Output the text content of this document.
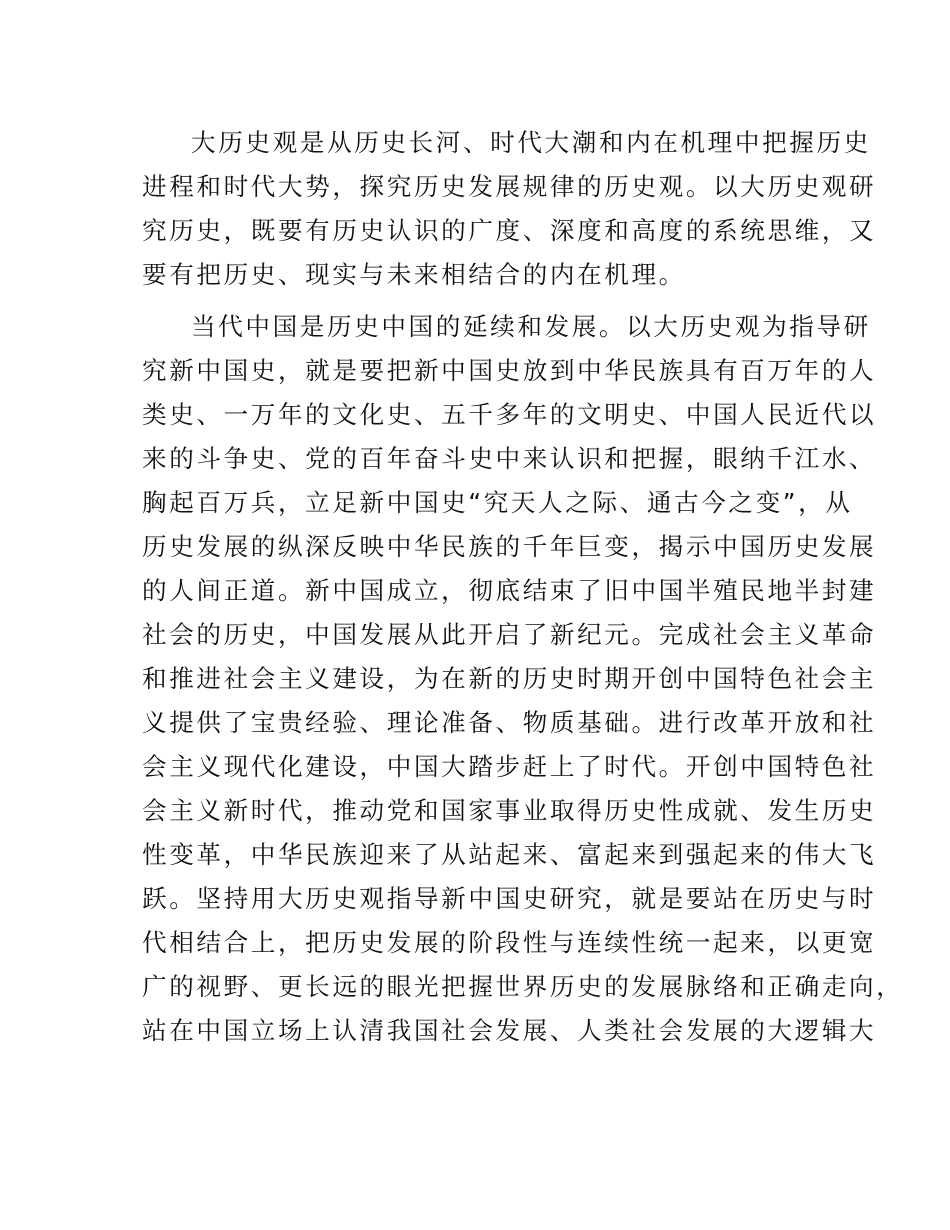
大历史观是从历史长河、时代大潮和内在机理中把握历史
进程和时代大势，探究历史发展规律的历史观。以大历史观研
究历史，既要有历史认识的广度、深度和高度的系统思维，又
要有把历史、现实与未来相结合的内在机理。

当代中国是历史中国的延续和发展。以大历史观为指导研
究新中国史，就是要把新中国史放到中华民族具有百万年的人
类史、一万年的文化史、五千多年的文明史、中国人民近代以
来的斗争史、党的百年奋斗史中来认识和把握，眼纳千江水、
胸起百万兵，立足新中国史“究天人之际、通古今之变”，从
历史发展的纵深反映中华民族的千年巨变，揭示中国历史发展
的人间正道。新中国成立，彻底结束了旧中国半殖民地半封建
社会的历史，中国发展从此开启了新纪元。完成社会主义革命
和推进社会主义建设，为在新的历史时期开创中国特色社会主
义提供了宝贵经验、理论准备、物质基础。进行改革开放和社
会主义现代化建设，中国大踏步赶上了时代。开创中国特色社
会主义新时代，推动党和国家事业取得历史性成就、发生历史
性变革，中华民族迎来了从站起来、富起来到强起来的伟大飞
跃。坚持用大历史观指导新中国史研究，就是要站在历史与时
代相结合上，把历史发展的阶段性与连续性统一起来，以更宽
广的视野、更长远的眼光把握世界历史的发展脉络和正确走向，
站在中国立场上认清我国社会发展、人类社会发展的大逻辑大
